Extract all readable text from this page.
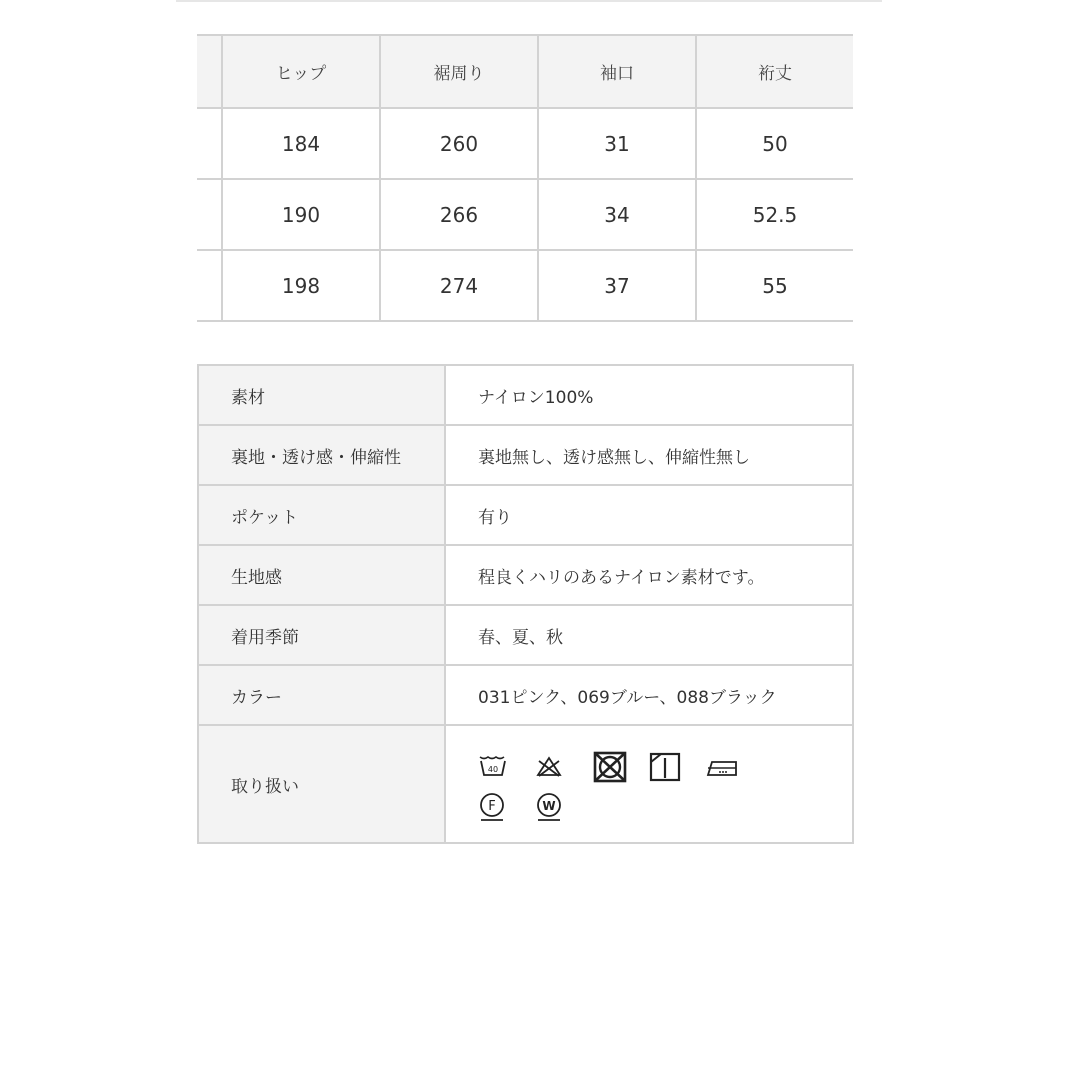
	ヒップ	裾周り	袖口	裄丈
	184	260	31	50
	190	266	34	52.5
	198	274	37	55
素材	ナイロン100%
裏地・透け感・伸縮性	裏地無し、透け感無し、伸縮性無し
ポケット	有り
生地感	程良くハリのあるナイロン素材です。
着用季節	春、夏、秋
カラー	031ピンク、069ブルー、088ブラック
取り扱い	40
F W
